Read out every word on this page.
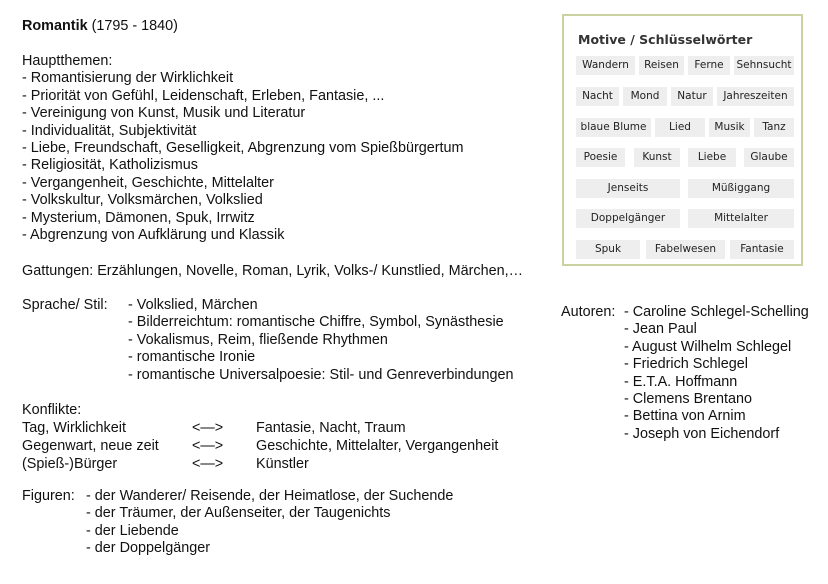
Romantik (1795 - 1840)
Hauptthemen:
- Romantisierung der Wirklichkeit
- Priorität von Gefühl, Leidenschaft, Erleben, Fantasie, ...
- Vereinigung von Kunst, Musik und Literatur
- Individualität, Subjektivität
- Liebe, Freundschaft, Geselligkeit, Abgrenzung vom Spießbürgertum
- Religiosität, Katholizismus
- Vergangenheit, Geschichte, Mittelalter
- Volkskultur, Volksmärchen, Volkslied
- Mysterium, Dämonen, Spuk, Irrwitz
- Abgrenzung von Aufklärung und Klassik
Gattungen: Erzählungen, Novelle, Roman, Lyrik, Volks-/ Kunstlied, Märchen,…
Sprache/ Stil: - Volkslied, Märchen
- Bilderreichtum: romantische Chiffre, Symbol, Synästhesie
- Vokalismus, Reim, fließende Rhythmen
- romantische Ironie
- romantische Universalpoesie: Stil- und Genreverbindungen
Konflikte:
Tag, Wirklichkeit	<—>	Fantasie, Nacht, Traum
Gegenwart, neue zeit	<—>	Geschichte, Mittelalter, Vergangenheit
(Spieß-)Bürger	<—>	Künstler
Figuren: - der Wanderer/ Reisende, der Heimatlose, der Suchende
- der Träumer, der Außenseiter, der Taugenichts
- der Liebende
- der Doppelgänger
Autoren: - Caroline Schlegel-Schelling
- Jean Paul
- August Wilhelm Schlegel
- Friedrich Schlegel
- E.T.A. Hoffmann
- Clemens Brentano
- Bettina von Arnim
- Joseph von Eichendorf
Motive / Schlüsselwörter
Wandern	Reisen	Ferne	Sehnsucht
Nacht	Mond	Natur	Jahreszeiten
blaue Blume	Lied	Musik	Tanz
Poesie	Kunst	Liebe	Glaube
Jenseits	Müßiggang
Doppelgänger	Mittelalter
Spuk	Fabelwesen	Fantasie
